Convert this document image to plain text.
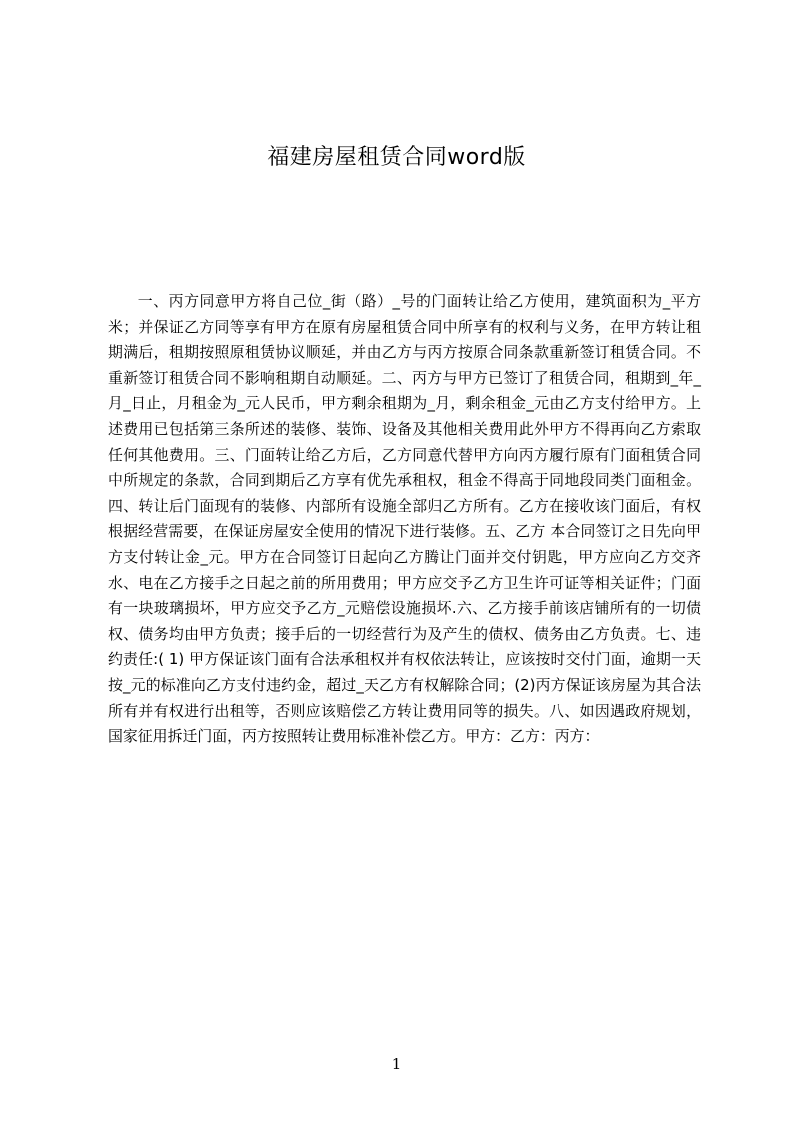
福建房屋租赁合同word版

一、丙方同意甲方将自己位_街（路）_号的门面转让给乙方使用，建筑面积为_平方米；并保证乙方同等享有甲方在原有房屋租赁合同中所享有的权利与义务，在甲方转让租期满后，租期按照原租赁协议顺延，并由乙方与丙方按原合同条款重新签订租赁合同。不重新签订租赁合同不影响租期自动顺延。二、丙方与甲方已签订了租赁合同，租期到_年_月_日止，月租金为_元人民币，甲方剩余租期为_月，剩余租金_元由乙方支付给甲方。上述费用已包括第三条所述的装修、装饰、设备及其他相关费用此外甲方不得再向乙方索取任何其他费用。三、门面转让给乙方后，乙方同意代替甲方向丙方履行原有门面租赁合同中所规定的条款，合同到期后乙方享有优先承租权，租金不得高于同地段同类门面租金。四、转让后门面现有的装修、内部所有设施全部归乙方所有。乙方在接收该门面后，有权根据经营需要，在保证房屋安全使用的情况下进行装修。五、乙方 本合同签订之日先向甲方支付转让金_元。甲方在合同签订日起向乙方腾让门面并交付钥匙，甲方应向乙方交齐水、电在乙方接手之日起之前的所用费用；甲方应交予乙方卫生许可证等相关证件；门面有一块玻璃损坏，甲方应交予乙方_元赔偿设施损坏.六、乙方接手前该店铺所有的一切债权、债务均由甲方负责；接手后的一切经营行为及产生的债权、债务由乙方负责。七、违约责任:( 1) 甲方保证该门面有合法承租权并有权依法转让，应该按时交付门面，逾期一天按_元的标准向乙方支付违约金，超过_天乙方有权解除合同；(2)丙方保证该房屋为其合法所有并有权进行出租等，否则应该赔偿乙方转让费用同等的损失。八、如因遇政府规划，国家征用拆迁门面，丙方按照转让费用标准补偿乙方。甲方：乙方：丙方：

1
